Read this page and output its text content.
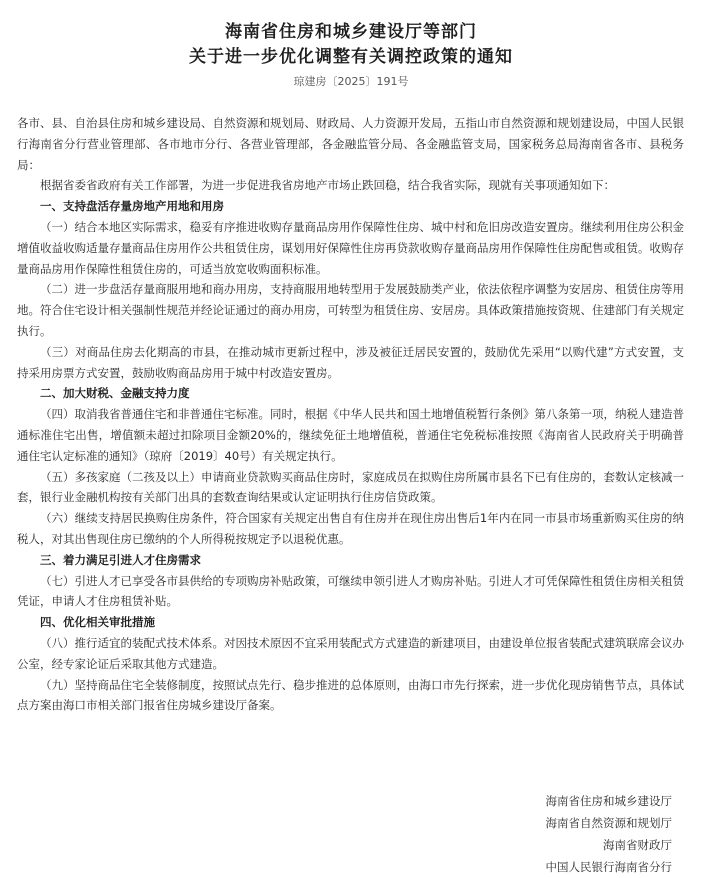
海南省住房和城乡建设厅等部门
关于进一步优化调整有关调控政策的通知
琼建房〔2025〕191号

各市、县、自治县住房和城乡建设局、自然资源和规划局、财政局、人力资源开发局，五指山市自然资源和规划建设局，中国人民银行海南省分行营业管理部、各市地市分行、各营业管理部，各金融监管分局、各金融监管支局，国家税务总局海南省各市、县税务局：

根据省委省政府有关工作部署，为进一步促进我省房地产市场止跌回稳，结合我省实际，现就有关事项通知如下：

一、支持盘活存量房地产用地和用房

（一）结合本地区实际需求，稳妥有序推进收购存量商品房用作保障性住房、城中村和危旧房改造安置房。继续利用住房公积金增值收益收购适量存量商品住房用作公共租赁住房，谋划用好保障性住房再贷款收购存量商品房用作保障性住房配售或租赁。收购存量商品房用作保障性租赁住房的，可适当放宽收购面积标准。

（二）进一步盘活存量商服用地和商办用房，支持商服用地转型用于发展鼓励类产业，依法依程序调整为安居房、租赁住房等用地。符合住宅设计相关强制性规范并经论证通过的商办用房，可转型为租赁住房、安居房。具体政策措施按资规、住建部门有关规定执行。

（三）对商品住房去化期高的市县，在推动城市更新过程中，涉及被征迁居民安置的，鼓励优先采用“以购代建”方式安置，支持采用房票方式安置，鼓励收购商品房用于城中村改造安置房。

二、加大财税、金融支持力度

（四）取消我省普通住宅和非普通住宅标准。同时，根据《中华人民共和国土地增值税暂行条例》第八条第一项，纳税人建造普通标准住宅出售，增值额未超过扣除项目金额20%的，继续免征土地增值税，普通住宅免税标准按照《海南省人民政府关于明确普通住宅认定标准的通知》（琼府〔2019〕40号）有关规定执行。

（五）多孩家庭（二孩及以上）申请商业贷款购买商品住房时，家庭成员在拟购住房所属市县名下已有住房的，套数认定核减一套，银行业金融机构按有关部门出具的套数查询结果或认定证明执行住房信贷政策。

（六）继续支持居民换购住房条件，符合国家有关规定出售自有住房并在现住房出售后1年内在同一市县市场重新购买住房的纳税人，对其出售现住房已缴纳的个人所得税按规定予以退税优惠。

三、着力满足引进人才住房需求

（七）引进人才已享受各市县供给的专项购房补贴政策，可继续申领引进人才购房补贴。引进人才可凭保障性租赁住房相关租赁凭证，申请人才住房租赁补贴。

四、优化相关审批措施

（八）推行适宜的装配式技术体系。对因技术原因不宜采用装配式方式建造的新建项目，由建设单位报省装配式建筑联席会议办公室，经专家论证后采取其他方式建造。

（九）坚持商品住宅全装修制度，按照试点先行、稳步推进的总体原则，由海口市先行探索，进一步优化现房销售节点，具体试点方案由海口市相关部门报省住房城乡建设厅备案。

海南省住房和城乡建设厅
海南省自然资源和规划厅
海南省财政厅
中国人民银行海南省分行
